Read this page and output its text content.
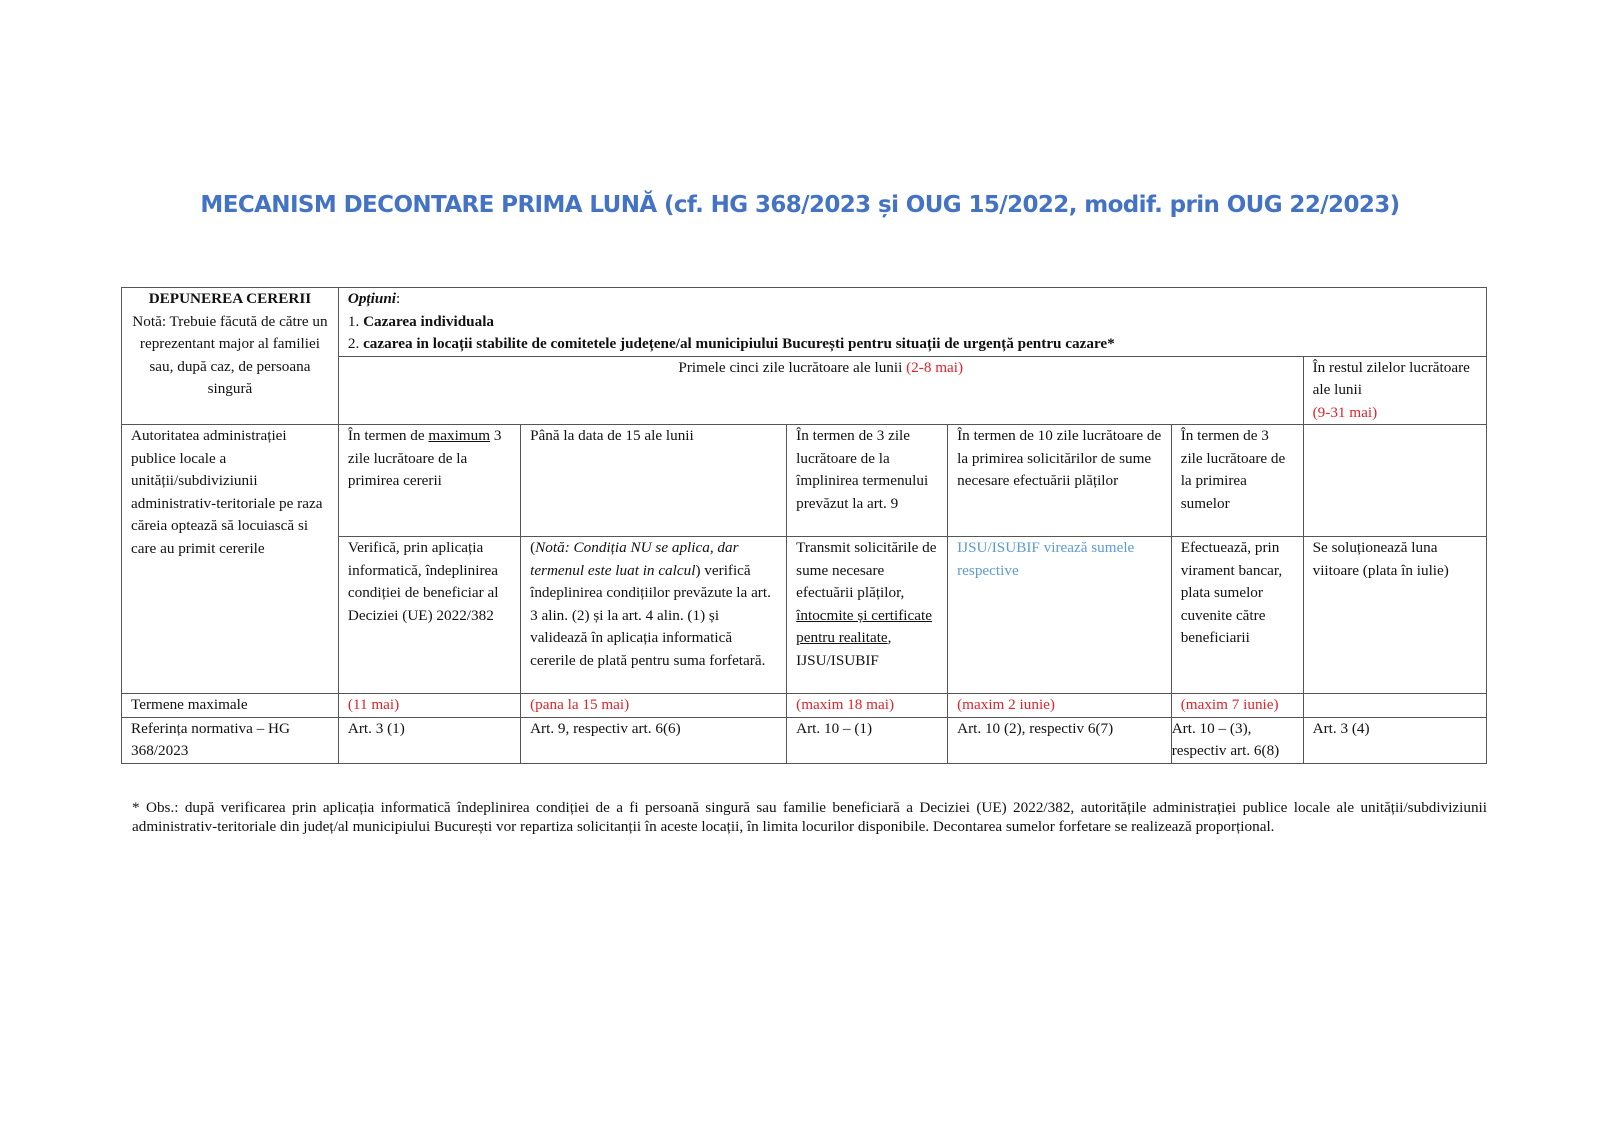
MECANISM DECONTARE PRIMA LUNĂ (cf. HG 368/2023 și OUG 15/2022, modif. prin OUG 22/2023)
DEPUNEREA CERERII
Notă: Trebuie făcută de către un reprezentant major al familiei sau, după caz, de persoana singură	Opțiuni:
1. Cazarea individuala
2. cazarea in locații stabilite de comitetele județene/al municipiului București pentru situații de urgență pentru cazare*					

	Primele cinci zile lucrătoare ale lunii (2-8 mai)					În restul zilelor lucrătoare ale lunii
(9-31 mai)

Autoritatea administrației publice locale a unității/subdiviziunii administrativ-teritoriale pe raza căreia optează să locuiască si care au primit cererile	În termen de maximum 3 zile lucrătoare de la primirea cererii	Până la data de 15 ale lunii	În termen de 3 zile lucrătoare de la împlinirea termenului prevăzut la art. 9	În termen de 10 zile lucrătoare de la primirea solicitărilor de sume necesare efectuării plăților	În termen de 3 zile lucrătoare de la primirea sumelor	
	Verifică, prin aplicația informatică, îndeplinirea condiției de beneficiar al Deciziei (UE) 2022/382	(Notă: Condiția NU se aplica, dar termenul este luat in calcul) verifică îndeplinirea condițiilor prevăzute la art. 3 alin. (2) și la art. 4 alin. (1) și validează în aplicația informatică cererile de plată pentru suma forfetară.	Transmit solicitările de sume necesare efectuării plăților, întocmite și certificate pentru realitate, IJSU/ISUBIF	IJSU/ISUBIF virează sumele respective	Efectuează, prin virament bancar, plata sumelor cuvenite către beneficiarii	Se soluționează luna viitoare (plata în iulie)
Termene maximale	(11 mai)	(pana la 15 mai)	(maxim 18 mai)	(maxim 2 iunie)	(maxim 7 iunie)	
Referința normativa – HG 368/2023	Art. 3 (1)	Art. 9, respectiv art. 6(6)	Art. 10 – (1)	Art. 10 (2), respectiv 6(7)	Art. 10 – (3), respectiv art. 6(8)	Art. 3 (4)
* Obs.: după verificarea prin aplicația informatică îndeplinirea condiției de a fi persoană singură sau familie beneficiară a Deciziei (UE) 2022/382, autoritățile administrației publice locale ale unității/subdiviziunii administrativ-teritoriale din județ/al municipiului București vor repartiza solicitanții în aceste locații, în limita locurilor disponibile. Decontarea sumelor forfetare se realizează proporțional.
